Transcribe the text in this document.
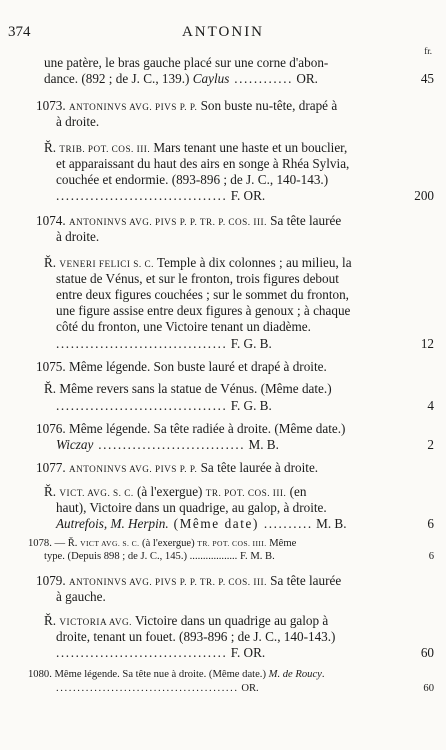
374	ANTONIN
fr.
une patère, le bras gauche placé sur une corne d'abon-
dance. (892 ; de J. C., 139.) Caylus ............ OR.	45
1073. ANTONINVS AVG. PIVS P. P. Son buste nu-tête, drapé à
à droite.
Ř. TRIB. POT. COS. III. Mars tenant une haste et un bouclier,
et apparaissant du haut des airs en songe à Rhéa Sylvia,
couchée et endormie. (893-896 ; de J. C., 140-143.)
................................... F. OR.	200
1074. ANTONINVS AVG. PIVS P. P. TR. P. COS. III. Sa tête laurée
à droite.
Ř. VENERI FELICI S. C. Temple à dix colonnes ; au milieu, la
statue de Vénus, et sur le fronton, trois figures debout
entre deux figures couchées ; sur le sommet du fronton,
une figure assise entre deux figures à genoux ; à chaque
côté du fronton, une Victoire tenant un diadème.
................................... F. G. B.	12
1075. Même légende. Son buste lauré et drapé à droite.
Ř. Même revers sans la statue de Vénus. (Même date.)
................................... F. G. B.	4
1076. Même légende. Sa tête radiée à droite. (Même date.)
Wiczay .............................. M. B.	2
1077. ANTONINVS AVG. PIVS P. P. Sa tête laurée à droite.
Ř. VICT. AVG. S. C. (à l'exergue) TR. POT. COS. III. (en
haut), Victoire dans un quadrige, au galop, à droite.
Autrefois, M. Herpin. (Même date) .......... M. B.	6
1078. — Ř. VICT AVG. S. C. (à l'exergue) TR. POT. COS. IIII. Même
type. (Depuis 898 ; de J. C., 145.) .................. F. M. B.	6
1079. ANTONINVS AVG. PIVS P. P. TR. P. COS. III. Sa tête laurée
à gauche.
Ř. VICTORIA AVG. Victoire dans un quadrige au galop à
droite, tenant un fouet. (893-896 ; de J. C., 140-143.)
................................... F. OR.	60
1080. Même légende. Sa tête nue à droite. (Même date.) M. de Roucy.
........................................... OR.	60
